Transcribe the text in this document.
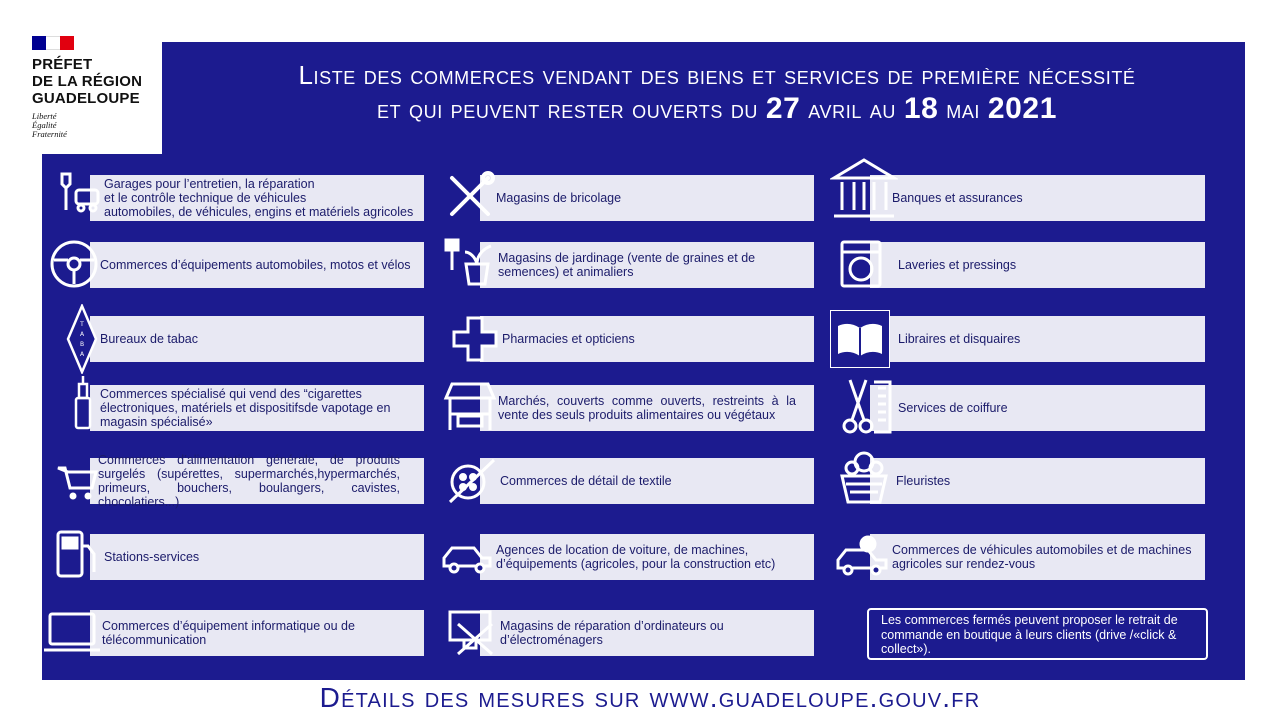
PRÉFET
DE LA RÉGION
GUADELOUPE
Liberté
Égalité
Fraternité
Liste des commerces vendant des biens et services de première nécessité
et qui peuvent rester ouverts du 27 avril au 18 mai 2021
Garages pour l’entretien, la réparation
et le contrôle technique de véhicules
automobiles, de véhicules, engins et matériels agricoles
Commerces d’équipements automobiles, motos et vélos
Bureaux de tabac
T
A
B
A
Commerces spécialisé qui vend des “cigarettes
électroniques, matériels et dispositifsde vapotage en
magasin spécialisé»
Commerces d’alimentation générale, de produits surgelés (supérettes, supermarchés,hypermarchés, primeurs, bouchers, boulangers, cavistes, chocolatiers...)
Stations-services
Commerces d’équipement informatique ou de
télécommunication
Magasins de bricolage
Magasins de jardinage (vente de graines et de
semences) et animaliers
Pharmacies et opticiens
Marchés, couverts comme ouverts, restreints à la vente des seuls produits alimentaires ou végétaux
Commerces de détail de textile
Agences de location de voiture, de machines,
d’équipements (agricoles, pour la construction etc)
Magasins de réparation d’ordinateurs ou
d’électroménagers
Banques et assurances
Laveries et pressings
Libraires et disquaires
Services de coiffure
Fleuristes
Commerces de véhicules automobiles et de machines
agricoles sur rendez-vous
Les commerces fermés peuvent proposer le retrait de commande en boutique à leurs clients (drive /«click & collect»).
Détails des mesures sur www.guadeloupe.gouv.fr
